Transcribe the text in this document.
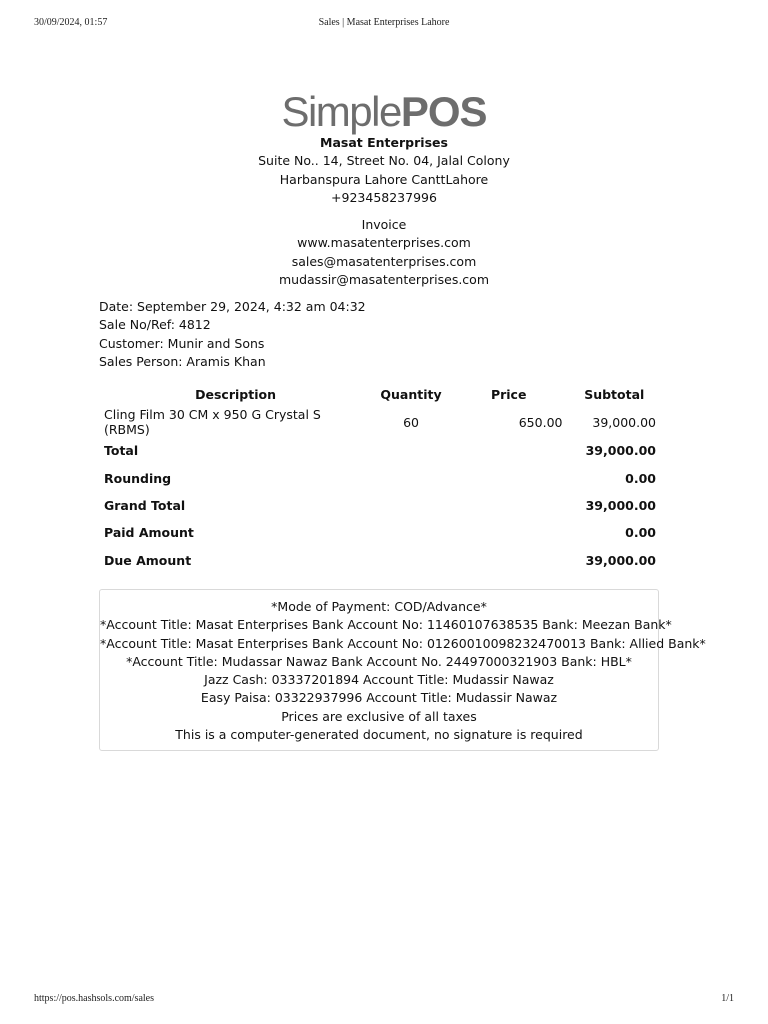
30/09/2024, 01:57	Sales | Masat Enterprises Lahore
SimplePOS
Masat Enterprises
Suite No.. 14, Street No. 04, Jalal Colony
Harbanspura Lahore CanttLahore
+923458237996
Invoice
www.masatenterprises.com
sales@masatenterprises.com
mudassir@masatenterprises.com
Date: September 29, 2024, 4:32 am 04:32
Sale No/Ref: 4812
Customer: Munir and Sons
Sales Person: Aramis Khan
Description	Quantity	Price	Subtotal
Cling Film 30 CM x 950 G Crystal S (RBMS)	60	650.00	39,000.00
Total			39,000.00
Rounding			0.00
Grand Total			39,000.00
Paid Amount			0.00
Due Amount			39,000.00
*Mode of Payment: COD/Advance*
*Account Title: Masat Enterprises Bank Account No: 11460107638535 Bank: Meezan Bank*
*Account Title: Masat Enterprises Bank Account No: 01260010098232470013 Bank: Allied Bank*
*Account Title: Mudassar Nawaz Bank Account No. 24497000321903 Bank: HBL*
Jazz Cash: 03337201894 Account Title: Mudassir Nawaz
Easy Paisa: 03322937996 Account Title: Mudassir Nawaz
Prices are exclusive of all taxes
This is a computer-generated document, no signature is required
https://pos.hashsols.com/sales	1/1
